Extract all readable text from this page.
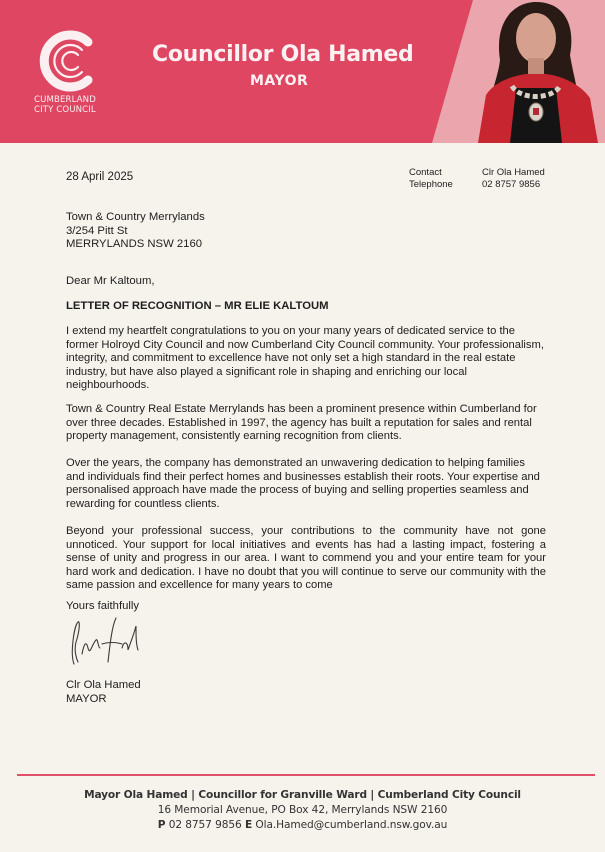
CUMBERLAND
CITY COUNCIL
Councillor Ola Hamed
MAYOR
28 April 2025	Contact
Telephone
Clr Ola Hamed
02 8757 9856
Town & Country Merrylands
3/254 Pitt St
MERRYLANDS NSW 2160
Dear Mr Kaltoum,
LETTER OF RECOGNITION – MR ELIE KALTOUM

I extend my heartfelt congratulations to you on your many years of dedicated service to the former Holroyd City Council and now Cumberland City Council community. Your professionalism, integrity, and commitment to excellence have not only set a high standard in the real estate industry, but have also played a significant role in shaping and enriching our local neighbourhoods.

Town & Country Real Estate Merrylands has been a prominent presence within Cumberland for over three decades. Established in 1997, the agency has built a reputation for sales and rental property management, consistently earning recognition from clients.

Over the years, the company has demonstrated an unwavering dedication to helping families and individuals find their perfect homes and businesses establish their roots. Your expertise and personalised approach have made the process of buying and selling properties seamless and rewarding for countless clients.

Beyond your professional success, your contributions to the community have not gone unnoticed. Your support for local initiatives and events has had a lasting impact, fostering a sense of unity and progress in our area. I want to commend you and your entire team for your hard work and dedication. I have no doubt that you will continue to serve our community with the same passion and excellence for many years to come

Yours faithfully
Clr Ola Hamed
MAYOR
Mayor Ola Hamed | Councillor for Granville Ward | Cumberland City Council
16 Memorial Avenue, PO Box 42, Merrylands NSW 2160
P 02 8757 9856 E Ola.Hamed@cumberland.nsw.gov.au
